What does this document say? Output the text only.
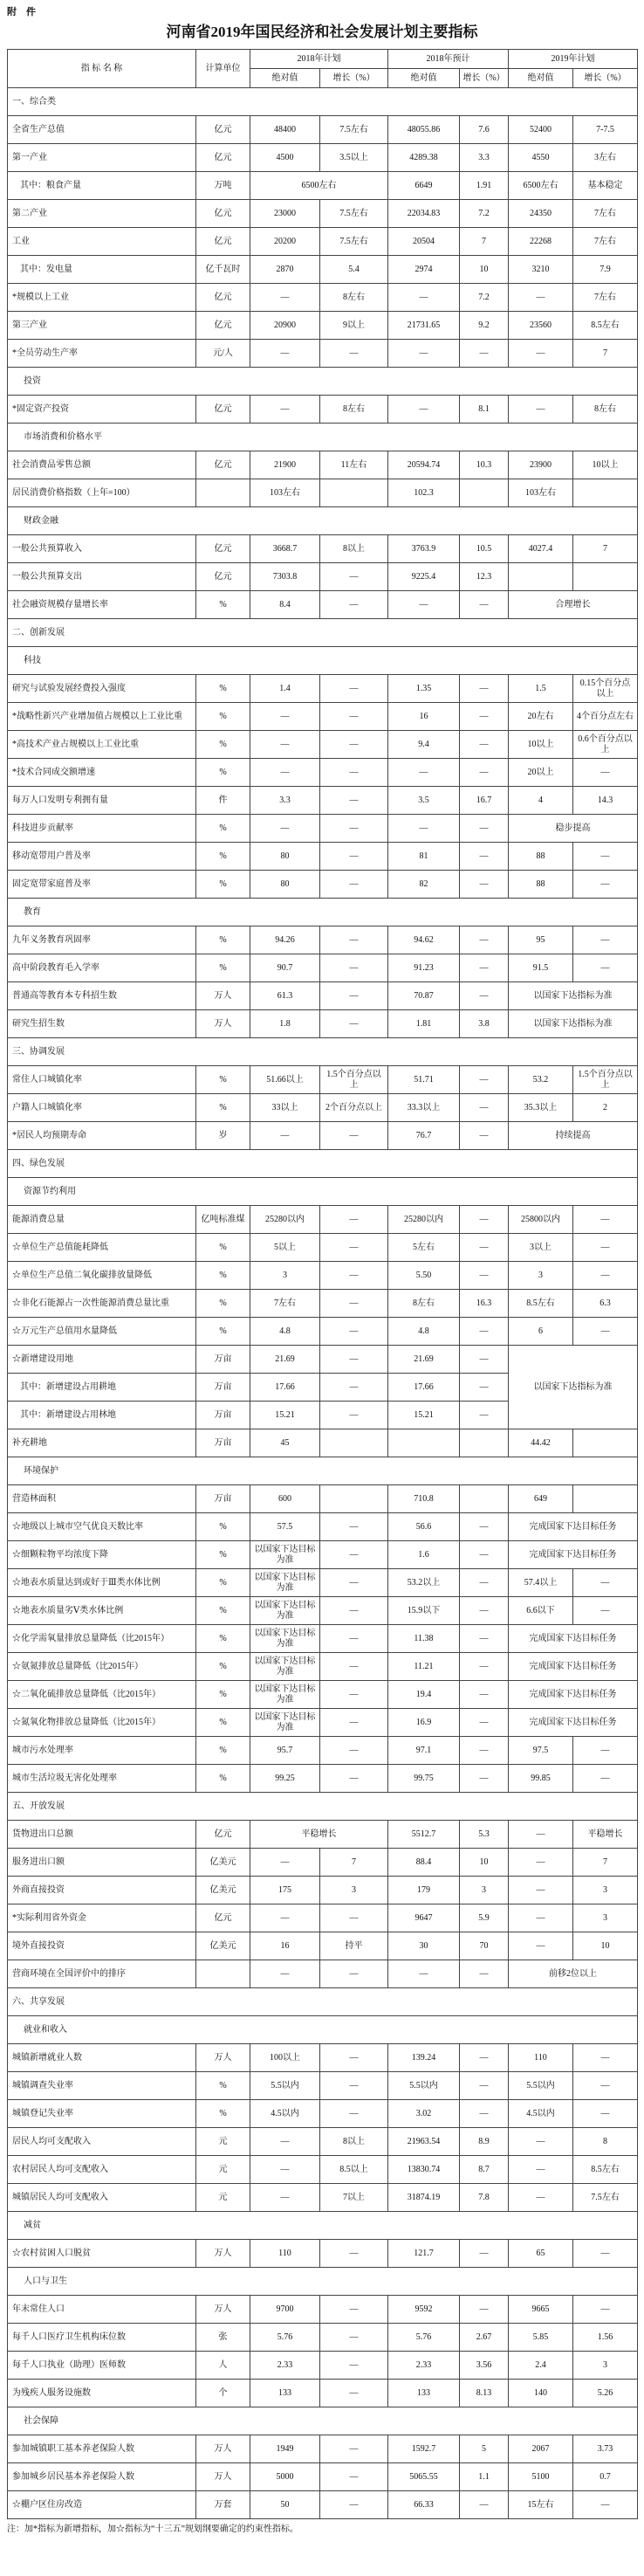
附　件
河南省2019年国民经济和社会发展计划主要指标
指 标 名 称	计算单位	2018年计划		2018年预计		2019年计划	
		绝对值	增长（%）	绝对值	增长（%）	绝对值	增长（%）
一、综合类							
全省生产总值	亿元	48400	7.5左右	48055.86	7.6	52400	7-7.5
第一产业	亿元	4500	3.5以上	4289.38	3.3	4550	3左右
其中：粮食产量	万吨	6500左右		6649	1.91	6500左右	基本稳定
第二产业	亿元	23000	7.5左右	22034.83	7.2	24350	7左右
工业	亿元	20200	7.5左右	20504	7	22268	7左右
其中：发电量	亿千瓦时	2870	5.4	2974	10	3210	7.9
*规模以上工业	亿元	—	8左右	—	7.2	—	7左右
第三产业	亿元	20900	9以上	21731.65	9.2	23560	8.5左右
*全员劳动生产率	元/人	—	—	—	—	—	7
投资							
*固定资产投资	亿元	—	8左右	—	8.1	—	8左右
市场消费和价格水平							
社会消费品零售总额	亿元	21900	11左右	20594.74	10.3	23900	10以上
居民消费价格指数（上年=100）		103左右		102.3		103左右	
财政金融							
一般公共预算收入	亿元	3668.7	8以上	3763.9	10.5	4027.4	7
一般公共预算支出	亿元	7303.8	—	9225.4	12.3		
社会融资规模存量增长率	%	8.4	—	—	—	合理增长	
二、创新发展							
科技							
研究与试验发展经费投入强度	%	1.4	—	1.35	—	1.5	0.15个百分点以上
*战略性新兴产业增加值占规模以上工业比重	%	—	—	16	—	20左右	4个百分点左右
*高技术产业占规模以上工业比重	%	—	—	9.4	—	10以上	0.6个百分点以上
*技术合同成交额增速	%	—	—	—	—	20以上	—
每万人口发明专利拥有量	件	3.3	—	3.5	16.7	4	14.3
科技进步贡献率	%	—	—	—	—	稳步提高	
移动宽带用户普及率	%	80	—	81	—	88	—
固定宽带家庭普及率	%	80	—	82	—	88	—
教育							
九年义务教育巩固率	%	94.26	—	94.62	—	95	—
高中阶段教育毛入学率	%	90.7	—	91.23	—	91.5	—
普通高等教育本专科招生数	万人	61.3	—	70.87	—	以国家下达指标为准	
研究生招生数	万人	1.8	—	1.81	3.8	以国家下达指标为准	
三、协调发展							
常住人口城镇化率	%	51.66以上	1.5个百分点以上	51.71	—	53.2	1.5个百分点以上
户籍人口城镇化率	%	33以上	2个百分点以上	33.3以上	—	35.3以上	2
*居民人均预期寿命	岁	—	—	76.7	—	持续提高	
四、绿色发展							
资源节约利用							
能源消费总量	亿吨标准煤	25280以内	—	25280以内	—	25800以内	—
☆单位生产总值能耗降低	%	5以上	—	5左右	—	3以上	—
☆单位生产总值二氧化碳排放量降低	%	3	—	5.50	—	3	—
☆非化石能源占一次性能源消费总量比重	%	7左右	—	8左右	16.3	8.5左右	6.3
☆万元生产总值用水量降低	%	4.8	—	4.8	—	6	—
☆新增建设用地	万亩	21.69	—	21.69	—	以国家下达指标为准	
其中：新增建设占用耕地	万亩	17.66	—	17.66	—		
其中：新增建设占用林地	万亩	15.21	—	15.21	—		
补充耕地	万亩	45				44.42	
环境保护							
营造林面积	万亩	600		710.8		649	
☆地级以上城市空气优良天数比率	%	57.5	—	56.6	—	完成国家下达目标任务	
☆细颗粒物平均浓度下降	%	以国家下达目标为准	—	1.6	—	完成国家下达目标任务	
☆地表水质量达到或好于Ⅲ类水体比例	%	以国家下达目标为准	—	53.2以上	—	57.4以上	—
☆地表水质量劣Ⅴ类水体比例	%	以国家下达目标为准	—	15.9以下	—	6.6以下	—
☆化学需氧量排放总量降低（比2015年）	%	以国家下达目标为准	—	11.38	—	完成国家下达目标任务	
☆氨氮排放总量降低（比2015年）	%	以国家下达目标为准	—	11.21	—	完成国家下达目标任务	
☆二氧化硫排放总量降低（比2015年）	%	以国家下达目标为准	—	19.4	—	完成国家下达目标任务	
☆氮氧化物排放总量降低（比2015年）	%	以国家下达目标为准	—	16.9	—	完成国家下达目标任务	
城市污水处理率	%	95.7	—	97.1	—	97.5	—
城市生活垃圾无害化处理率	%	99.25	—	99.75	—	99.85	—
五、开放发展							
货物进出口总额	亿元	平稳增长		5512.7	5.3	—	平稳增长
服务进出口额	亿美元	—	7	88.4	10	—	7
外商直接投资	亿美元	175	3	179	3	—	3
*实际利用省外资金	亿元	—	—	9647	5.9	—	3
境外直接投资	亿美元	16	持平	30	70	—	10
营商环境在全国评价中的排序		—	—	—	—	前移2位以上	
六、共享发展							
就业和收入							
城镇新增就业人数	万人	100以上	—	139.24	—	110	—
城镇调查失业率	%	5.5以内	—	5.5以内	—	5.5以内	—
城镇登记失业率	%	4.5以内	—	3.02	—	4.5以内	—
居民人均可支配收入	元	—	8以上	21963.54	8.9	—	8
农村居民人均可支配收入	元	—	8.5以上	13830.74	8.7	—	8.5左右
城镇居民人均可支配收入	元	—	7以上	31874.19	7.8	—	7.5左右
减贫							
☆农村贫困人口脱贫	万人	110	—	121.7	—	65	—
人口与卫生							
年末常住人口	万人	9700	—	9592	—	9665	—
每千人口医疗卫生机构床位数	张	5.76	—	5.76	2.67	5.85	1.56
每千人口执业（助理）医师数	人	2.33	—	2.33	3.56	2.4	3
为残疾人服务设施数	个	133	—	133	8.13	140	5.26
社会保障							
参加城镇职工基本养老保险人数	万人	1949	—	1592.7	5	2067	3.73
参加城乡居民基本养老保险人数	万人	5000	—	5065.55	1.1	5100	0.7
☆棚户区住房改造	万套	50	—	66.33	—	15左右	—
注：加*指标为新增指标，加☆指标为“十三五”规划纲要确定的约束性指标。
